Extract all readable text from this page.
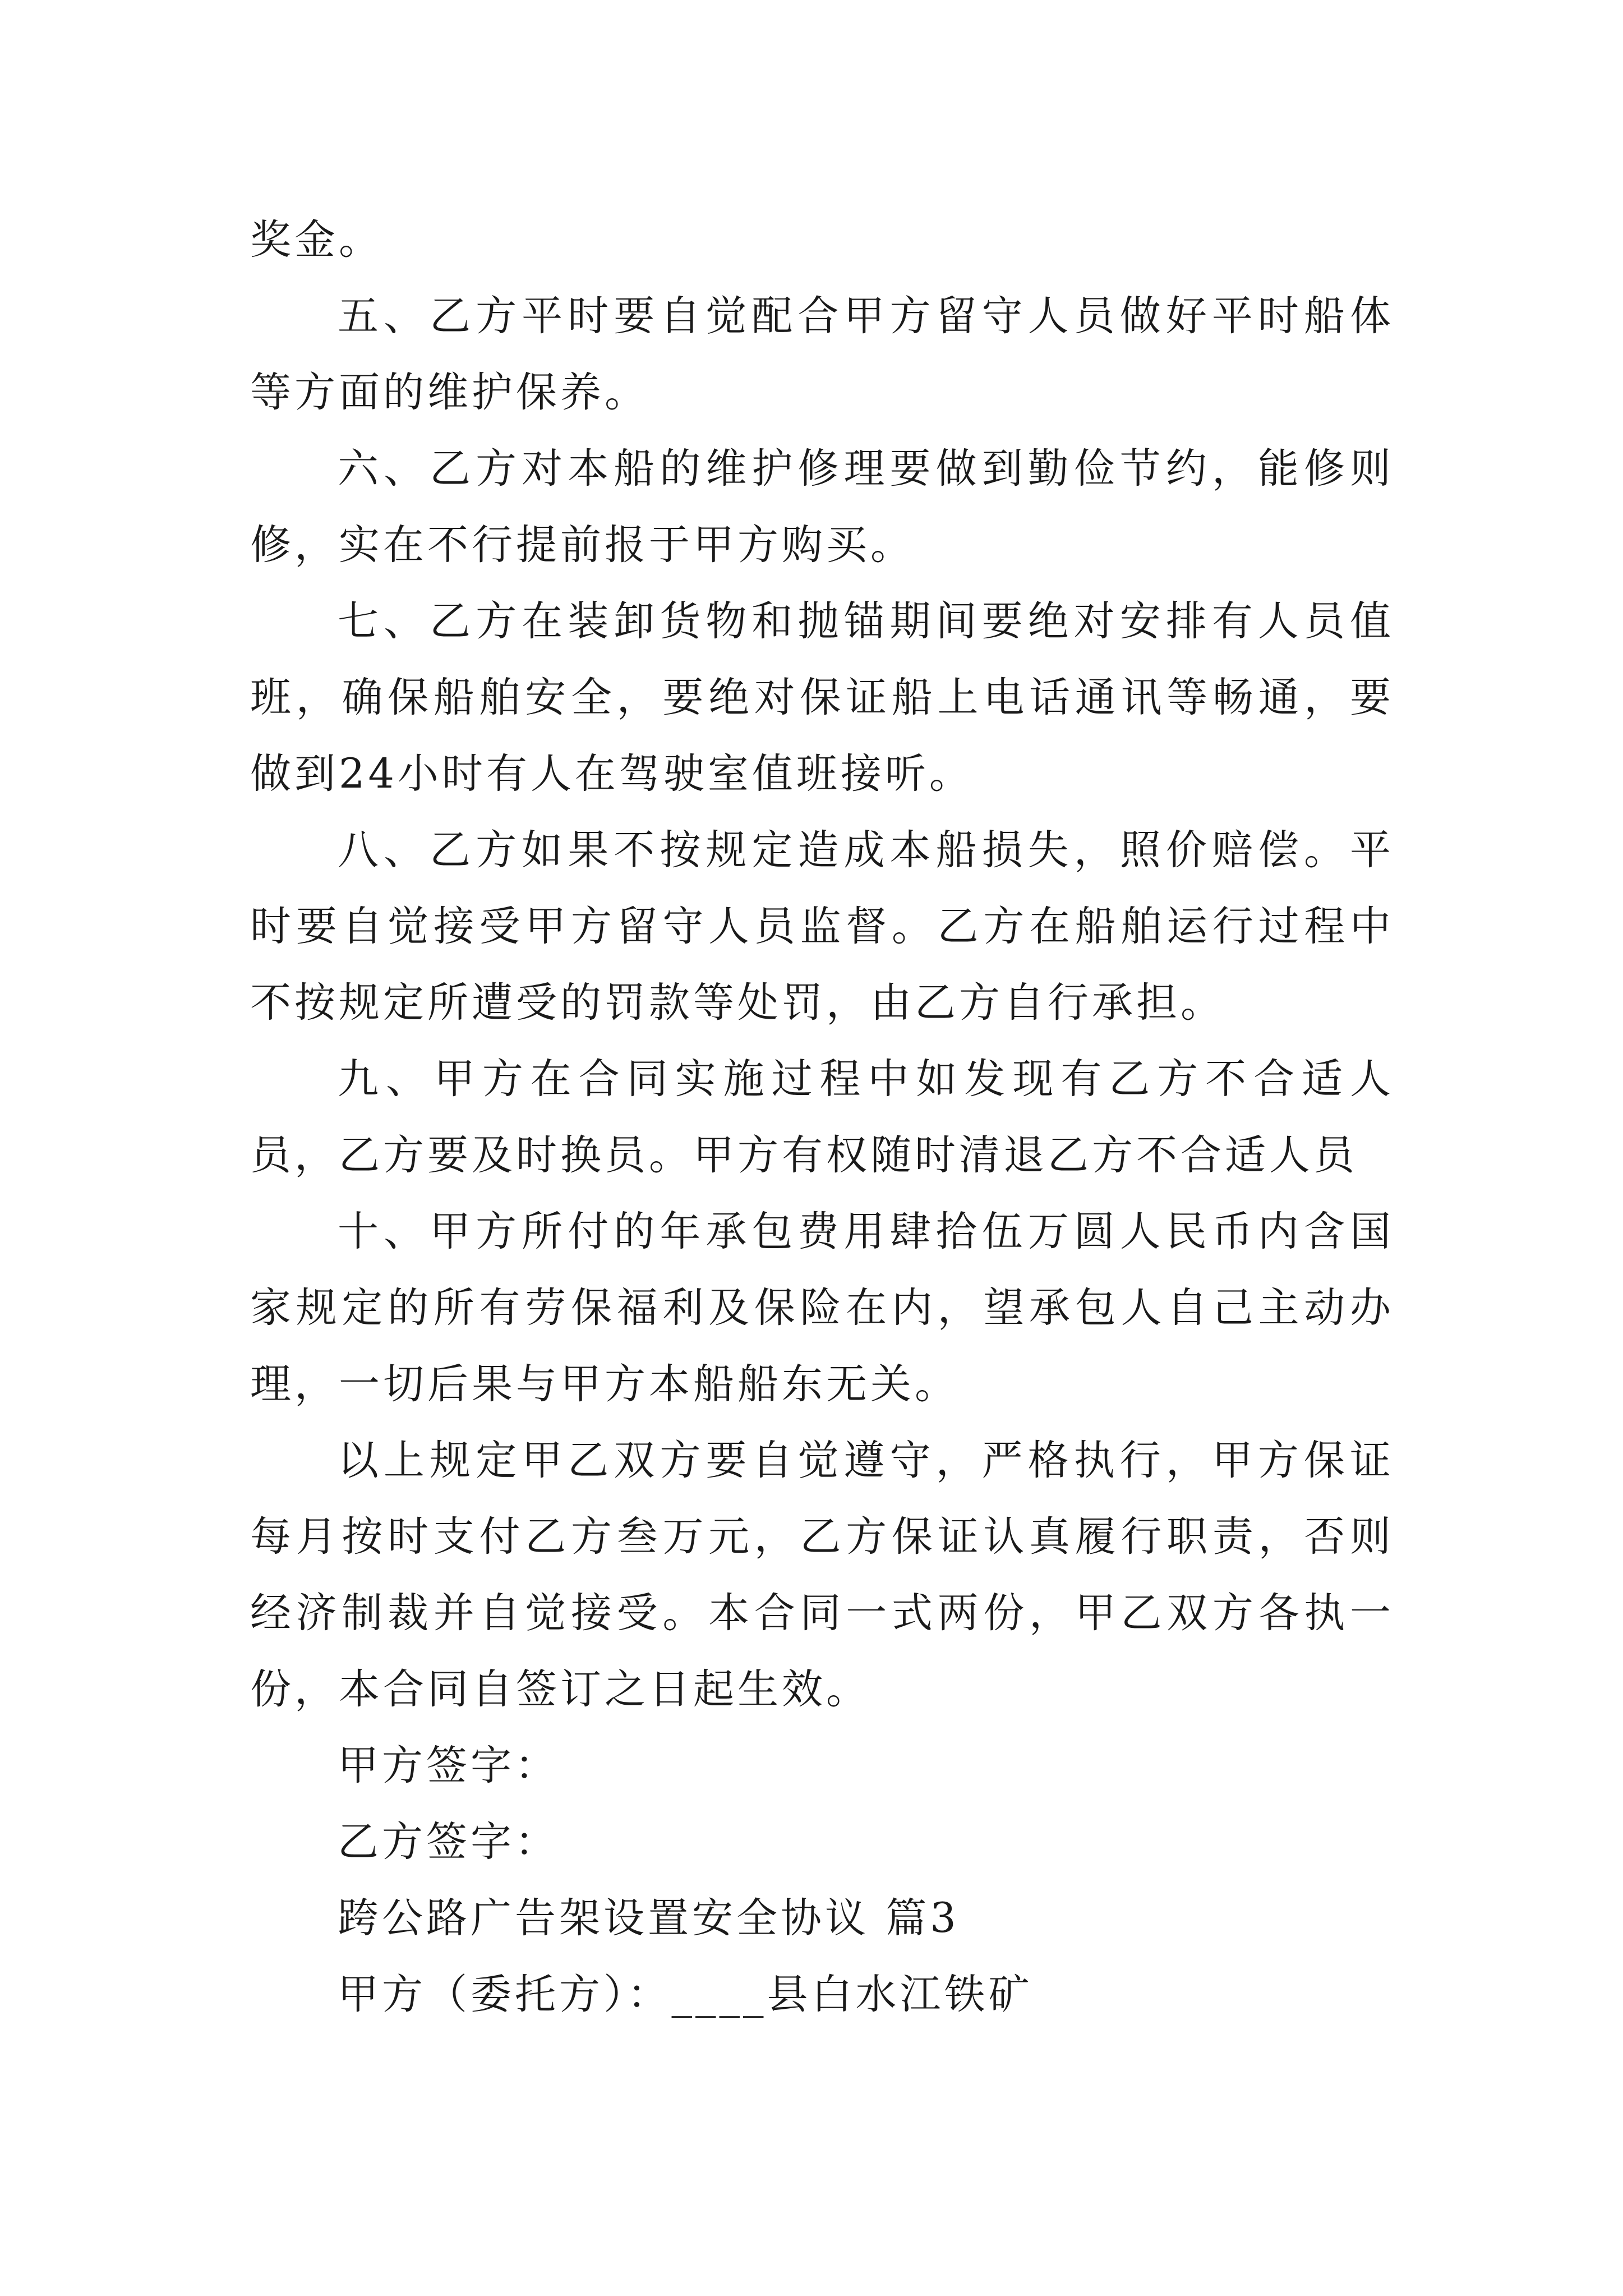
奖金。

五、乙方平时要自觉配合甲方留守人员做好平时船体等方面的维护保养。

六、乙方对本船的维护修理要做到勤俭节约，能修则修，实在不行提前报于甲方购买。

七、乙方在装卸货物和抛锚期间要绝对安排有人员值班，确保船舶安全，要绝对保证船上电话通讯等畅通，要做到24小时有人在驾驶室值班接听。

八、乙方如果不按规定造成本船损失，照价赔偿。平时要自觉接受甲方留守人员监督。乙方在船舶运行过程中不按规定所遭受的罚款等处罚，由乙方自行承担。

九、甲方在合同实施过程中如发现有乙方不合适人员，乙方要及时换员。甲方有权随时清退乙方不合适人员

十、甲方所付的年承包费用肆拾伍万圆人民币内含国家规定的所有劳保福利及保险在内，望承包人自己主动办理，一切后果与甲方本船船东无关。

以上规定甲乙双方要自觉遵守，严格执行，甲方保证每月按时支付乙方叁万元，乙方保证认真履行职责，否则经济制裁并自觉接受。本合同一式两份，甲乙双方各执一份，本合同自签订之日起生效。

甲方签字：

乙方签字：

跨公路广告架设置安全协议 篇3

甲方（委托方）：____县白水江铁矿
